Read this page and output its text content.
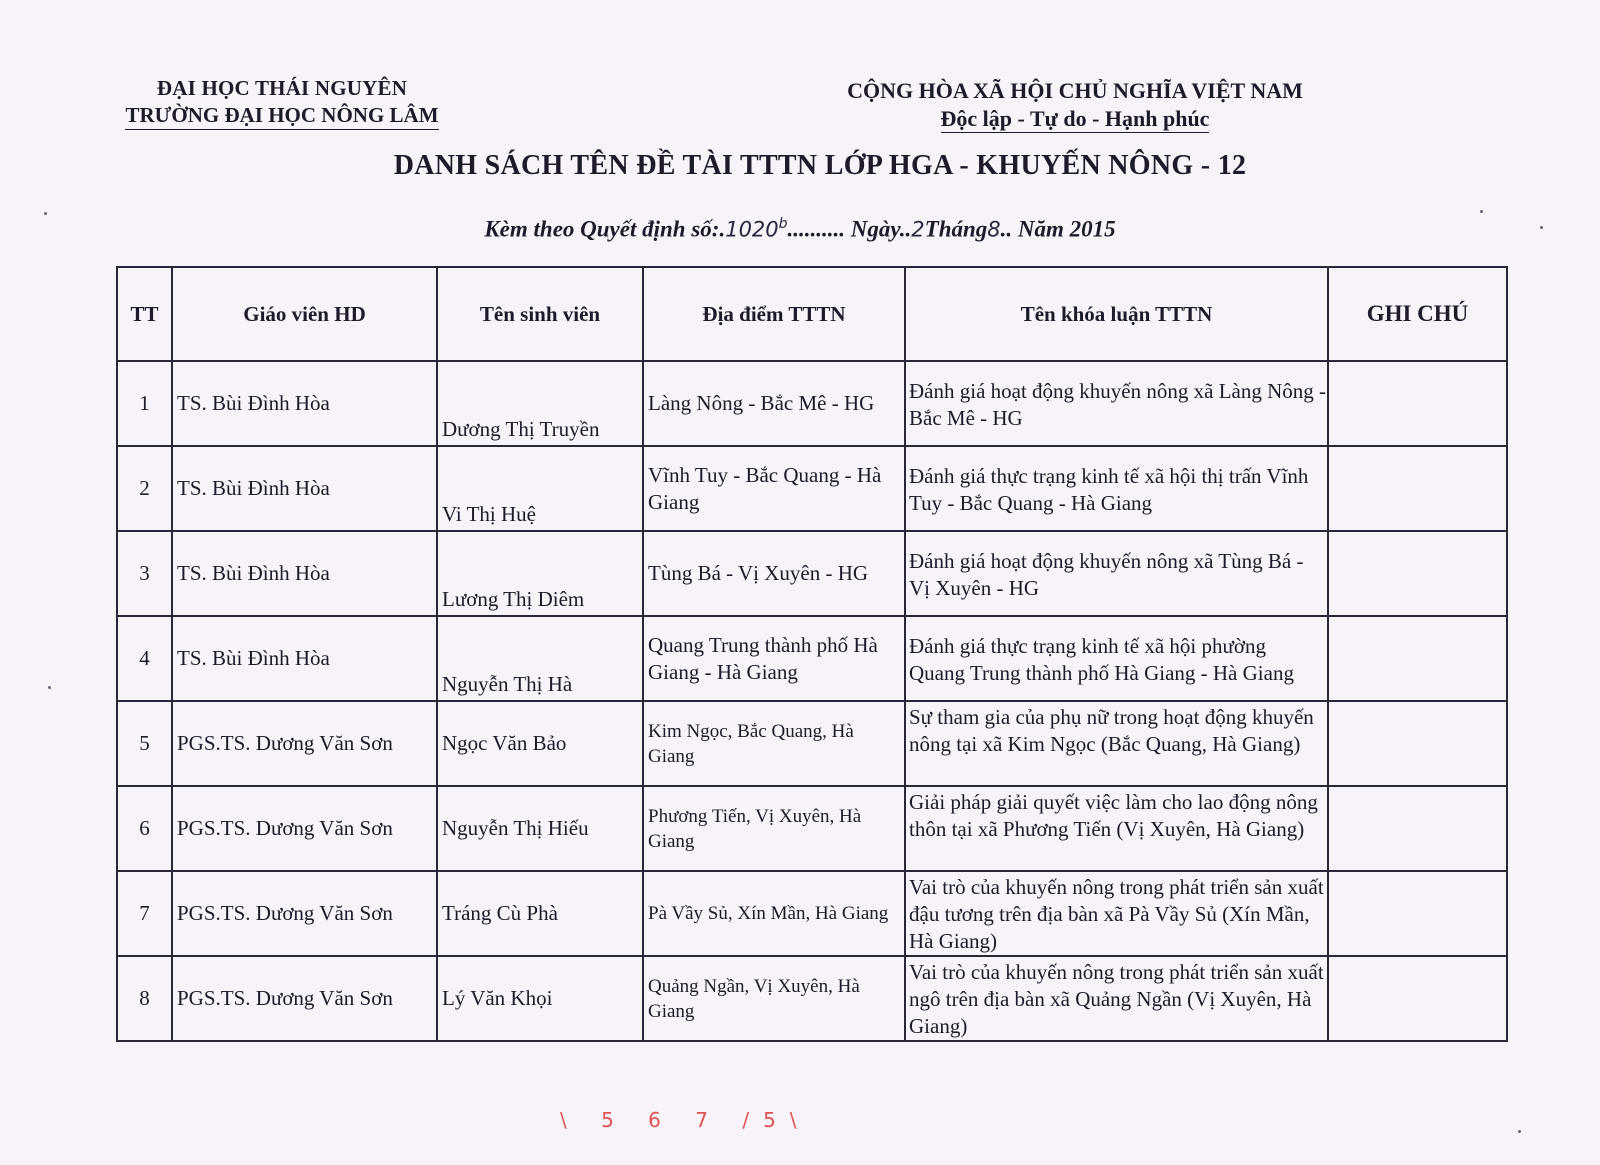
ĐẠI HỌC THÁI NGUYÊN
TRƯỜNG ĐẠI HỌC NÔNG LÂM
CỘNG HÒA XÃ HỘI CHỦ NGHĨA VIỆT NAM
Độc lập - Tự do - Hạnh phúc
DANH SÁCH TÊN ĐỀ TÀI TTTN LỚP HGA - KHUYẾN NÔNG - 12
Kèm theo Quyết định số:.1020$^b$.......... Ngày..2Tháng8.. Năm 2015
TT	Giáo viên HD	Tên sinh viên	Địa điểm TTTN	Tên khóa luận TTTN	GHI CHÚ
1	TS. Bùi Đình Hòa	Dương Thị Truyền	Làng Nông - Bắc Mê - HG	Đánh giá hoạt động khuyến nông xã Làng Nông - Bắc Mê - HG	
2	TS. Bùi Đình Hòa	Vi Thị Huệ	Vĩnh Tuy - Bắc Quang - Hà Giang	Đánh giá thực trạng kinh tế xã hội thị trấn Vĩnh Tuy - Bắc Quang - Hà Giang	
3	TS. Bùi Đình Hòa	Lương Thị Diêm	Tùng Bá - Vị Xuyên - HG	Đánh giá hoạt động khuyến nông xã Tùng Bá - Vị Xuyên - HG	
4	TS. Bùi Đình Hòa	Nguyễn Thị Hà	Quang Trung thành phố Hà Giang - Hà Giang	Đánh giá thực trạng kinh tế xã hội phường Quang Trung thành phố Hà Giang - Hà Giang	
5	PGS.TS. Dương Văn Sơn	Ngọc Văn Bảo	Kim Ngọc, Bắc Quang, Hà Giang	Sự tham gia của phụ nữ trong hoạt động khuyến nông tại xã Kim Ngọc (Bắc Quang, Hà Giang)	
6	PGS.TS. Dương Văn Sơn	Nguyễn Thị Hiếu	Phương Tiến, Vị Xuyên, Hà Giang	Giải pháp giải quyết việc làm cho lao động nông thôn tại xã Phương Tiến (Vị Xuyên, Hà Giang)	
7	PGS.TS. Dương Văn Sơn	Tráng Cù Phà	Pà Vầy Sủ, Xín Mần, Hà Giang	Vai trò của khuyến nông trong phát triển sản xuất đậu tương trên địa bàn xã Pà Vầy Sủ (Xín Mần, Hà Giang)	
8	PGS.TS. Dương Văn Sơn	Lý Văn Khọi	Quảng Ngần, Vị Xuyên, Hà Giang	Vai trò của khuyến nông trong phát triển sản xuất ngô trên địa bàn xã Quảng Ngần (Vị Xuyên, Hà Giang)	
\ 5 6 7 /5\
